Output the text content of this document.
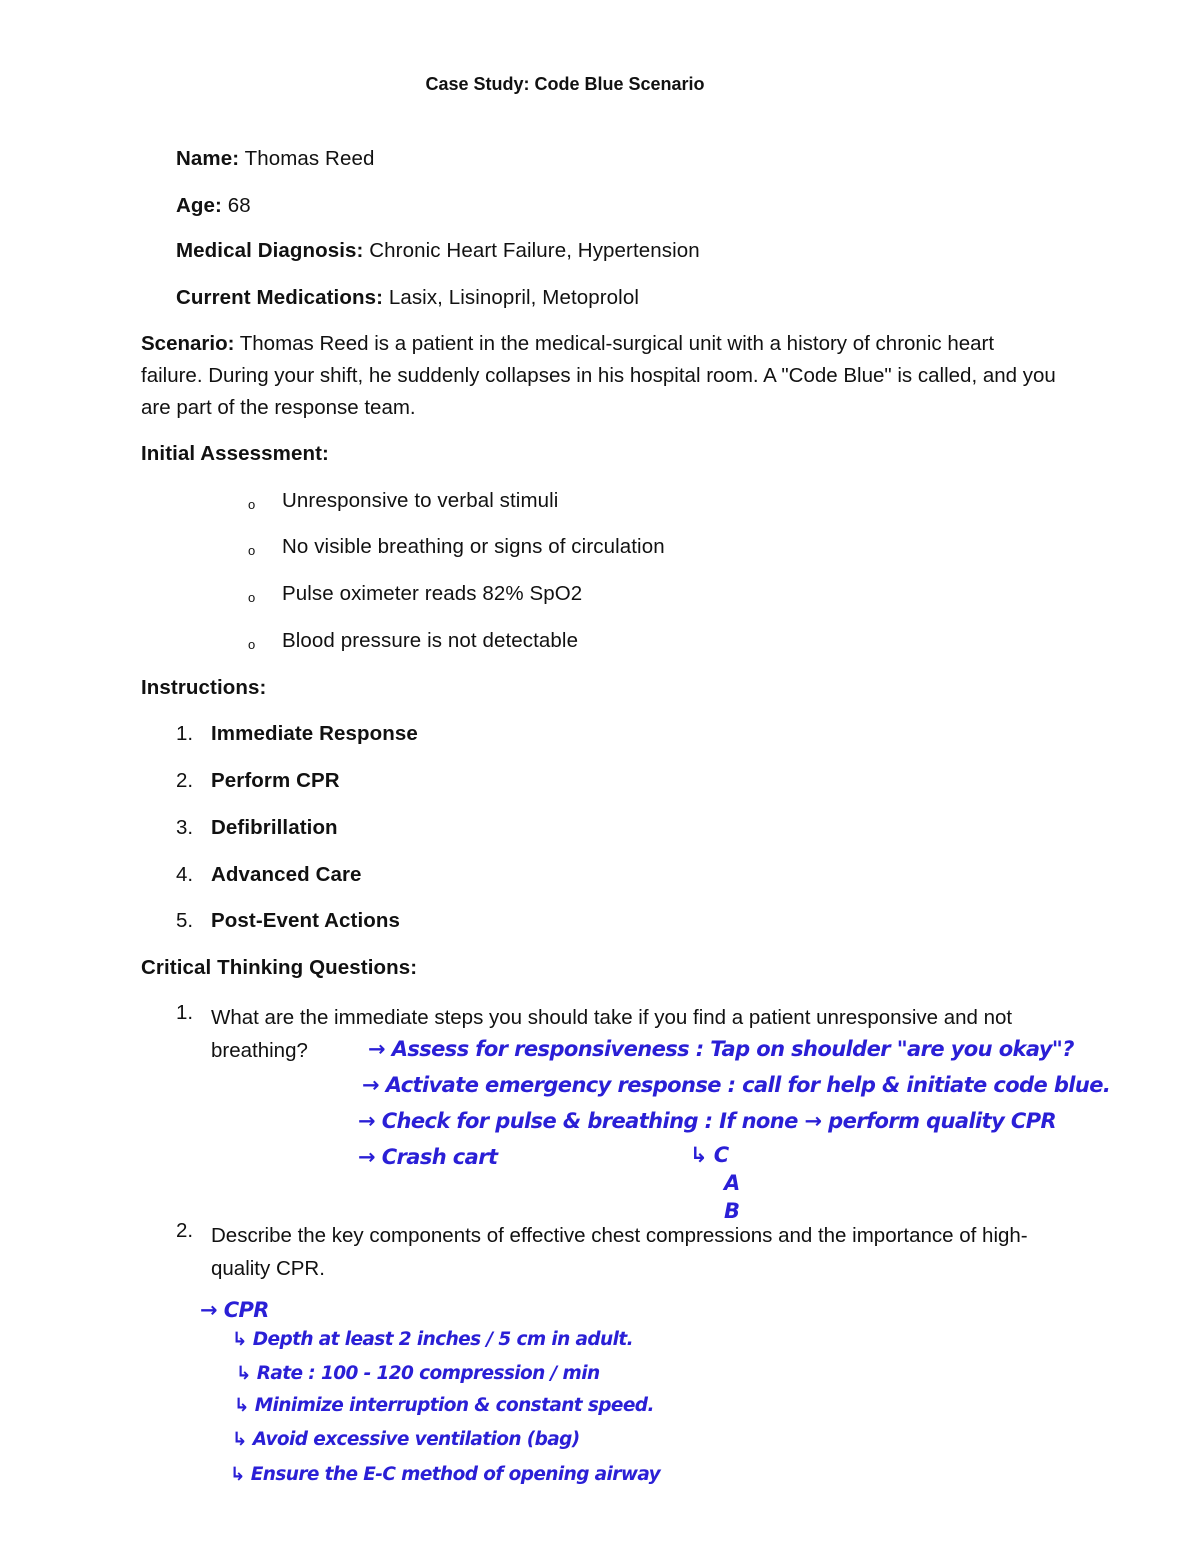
Case Study: Code Blue Scenario
Name: Thomas Reed
Age: 68
Medical Diagnosis: Chronic Heart Failure, Hypertension
Current Medications: Lasix, Lisinopril, Metoprolol
Scenario: Thomas Reed is a patient in the medical-surgical unit with a history of chronic heart failure. During your shift, he suddenly collapses in his hospital room. A "Code Blue" is called, and you are part of the response team.
Initial Assessment:
o Unresponsive to verbal stimuli
o No visible breathing or signs of circulation
o Pulse oximeter reads 82% SpO2
o Blood pressure is not detectable
Instructions:
1. Immediate Response
2. Perform CPR
3. Defibrillation
4. Advanced Care
5. Post-Event Actions
Critical Thinking Questions:
1. What are the immediate steps you should take if you find a patient unresponsive and not breathing?	→ Assess for responsiveness : Tap on shoulder "are you okay"?
→ Activate emergency response : call for help & initiate code blue.
→ Check for pulse & breathing : If none → perform quality CPR
→ Crash cart	↳ C
A
B
2. Describe the key components of effective chest compressions and the importance of high-quality CPR.
→ CPR
↳ Depth at least 2 inches / 5 cm in adult.
↳ Rate : 100 - 120 compression / min
↳ Minimize interruption & constant speed.
↳ Avoid excessive ventilation (bag)
↳ Ensure the E-C method of opening airway
